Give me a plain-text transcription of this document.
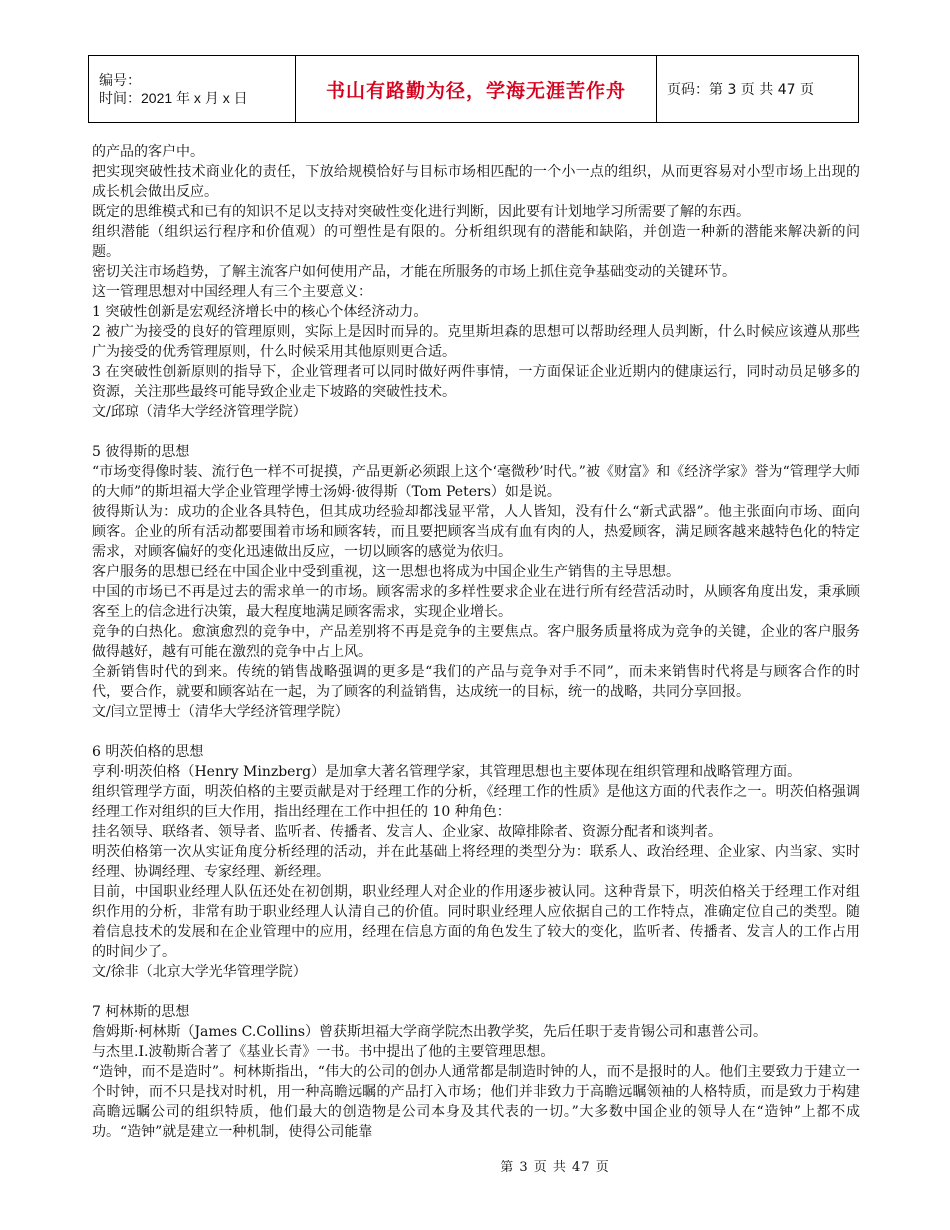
编号：
时间：2021 年 x 月 x 日	书山有路勤为径，学海无涯苦作舟	页码：第 3 页 共 47 页

的产品的客户中。

把实现突破性技术商业化的责任，下放给规模恰好与目标市场相匹配的一个小一点的组织，从而更容易对小型市场上出现的成长机会做出反应。

既定的思维模式和已有的知识不足以支持对突破性变化进行判断，因此要有计划地学习所需要了解的东西。

组织潜能（组织运行程序和价值观）的可塑性是有限的。分析组织现有的潜能和缺陷，并创造一种新的潜能来解决新的问题。

密切关注市场趋势，了解主流客户如何使用产品，才能在所服务的市场上抓住竞争基础变动的关键环节。

这一管理思想对中国经理人有三个主要意义：

1 突破性创新是宏观经济增长中的核心个体经济动力。

2 被广为接受的良好的管理原则，实际上是因时而异的。克里斯坦森的思想可以帮助经理人员判断，什么时候应该遵从那些广为接受的优秀管理原则，什么时候采用其他原则更合适。

3 在突破性创新原则的指导下，企业管理者可以同时做好两件事情，一方面保证企业近期内的健康运行，同时动员足够多的资源，关注那些最终可能导致企业走下坡路的突破性技术。

文/邱琼（清华大学经济管理学院）

5 彼得斯的思想

“市场变得像时装、流行色一样不可捉摸，产品更新必须跟上这个‘毫微秒’时代。”被《财富》和《经济学家》誉为“管理学大师的大师”的斯坦福大学企业管理学博士汤姆·彼得斯（Tom Peters）如是说。

彼得斯认为：成功的企业各具特色，但其成功经验却都浅显平常，人人皆知，没有什么“新式武器”。他主张面向市场、面向顾客。企业的所有活动都要围着市场和顾客转，而且要把顾客当成有血有肉的人，热爱顾客，满足顾客越来越特色化的特定需求，对顾客偏好的变化迅速做出反应，一切以顾客的感觉为依归。

客户服务的思想已经在中国企业中受到重视，这一思想也将成为中国企业生产销售的主导思想。

中国的市场已不再是过去的需求单一的市场。顾客需求的多样性要求企业在进行所有经营活动时，从顾客角度出发，秉承顾客至上的信念进行决策，最大程度地满足顾客需求，实现企业增长。

竞争的白热化。愈演愈烈的竞争中，产品差别将不再是竞争的主要焦点。客户服务质量将成为竞争的关键，企业的客户服务做得越好，越有可能在激烈的竞争中占上风。

全新销售时代的到来。传统的销售战略强调的更多是“我们的产品与竞争对手不同”，而未来销售时代将是与顾客合作的时代，要合作，就要和顾客站在一起，为了顾客的利益销售，达成统一的目标，统一的战略，共同分享回报。

文/闫立罡博士（清华大学经济管理学院）

6 明茨伯格的思想

亨利·明茨伯格（Henry Minzberg）是加拿大著名管理学家，其管理思想也主要体现在组织管理和战略管理方面。

组织管理学方面，明茨伯格的主要贡献是对于经理工作的分析，《经理工作的性质》是他这方面的代表作之一。明茨伯格强调经理工作对组织的巨大作用，指出经理在工作中担任的 10 种角色：

挂名领导、联络者、领导者、监听者、传播者、发言人、企业家、故障排除者、资源分配者和谈判者。

明茨伯格第一次从实证角度分析经理的活动，并在此基础上将经理的类型分为：联系人、政治经理、企业家、内当家、实时经理、协调经理、专家经理、新经理。

目前，中国职业经理人队伍还处在初创期，职业经理人对企业的作用逐步被认同。这种背景下，明茨伯格关于经理工作对组织作用的分析，非常有助于职业经理人认清自己的价值。同时职业经理人应依据自己的工作特点，准确定位自己的类型。随着信息技术的发展和在企业管理中的应用，经理在信息方面的角色发生了较大的变化，监听者、传播者、发言人的工作占用的时间少了。

文/徐非（北京大学光华管理学院）

7 柯林斯的思想

詹姆斯·柯林斯（James C.Collins）曾获斯坦福大学商学院杰出教学奖，先后任职于麦肯锡公司和惠普公司。

与杰里.I.波勒斯合著了《基业长青》一书。书中提出了他的主要管理思想。

“造钟，而不是造时”。柯林斯指出，“伟大的公司的创办人通常都是制造时钟的人，而不是报时的人。他们主要致力于建立一个时钟，而不只是找对时机，用一种高瞻远瞩的产品打入市场；他们并非致力于高瞻远瞩领袖的人格特质，而是致力于构建高瞻远瞩公司的组织特质，他们最大的创造物是公司本身及其代表的一切。”大多数中国企业的领导人在“造钟”上都不成功。“造钟”就是建立一种机制，使得公司能靠

第 3 页 共 47 页
